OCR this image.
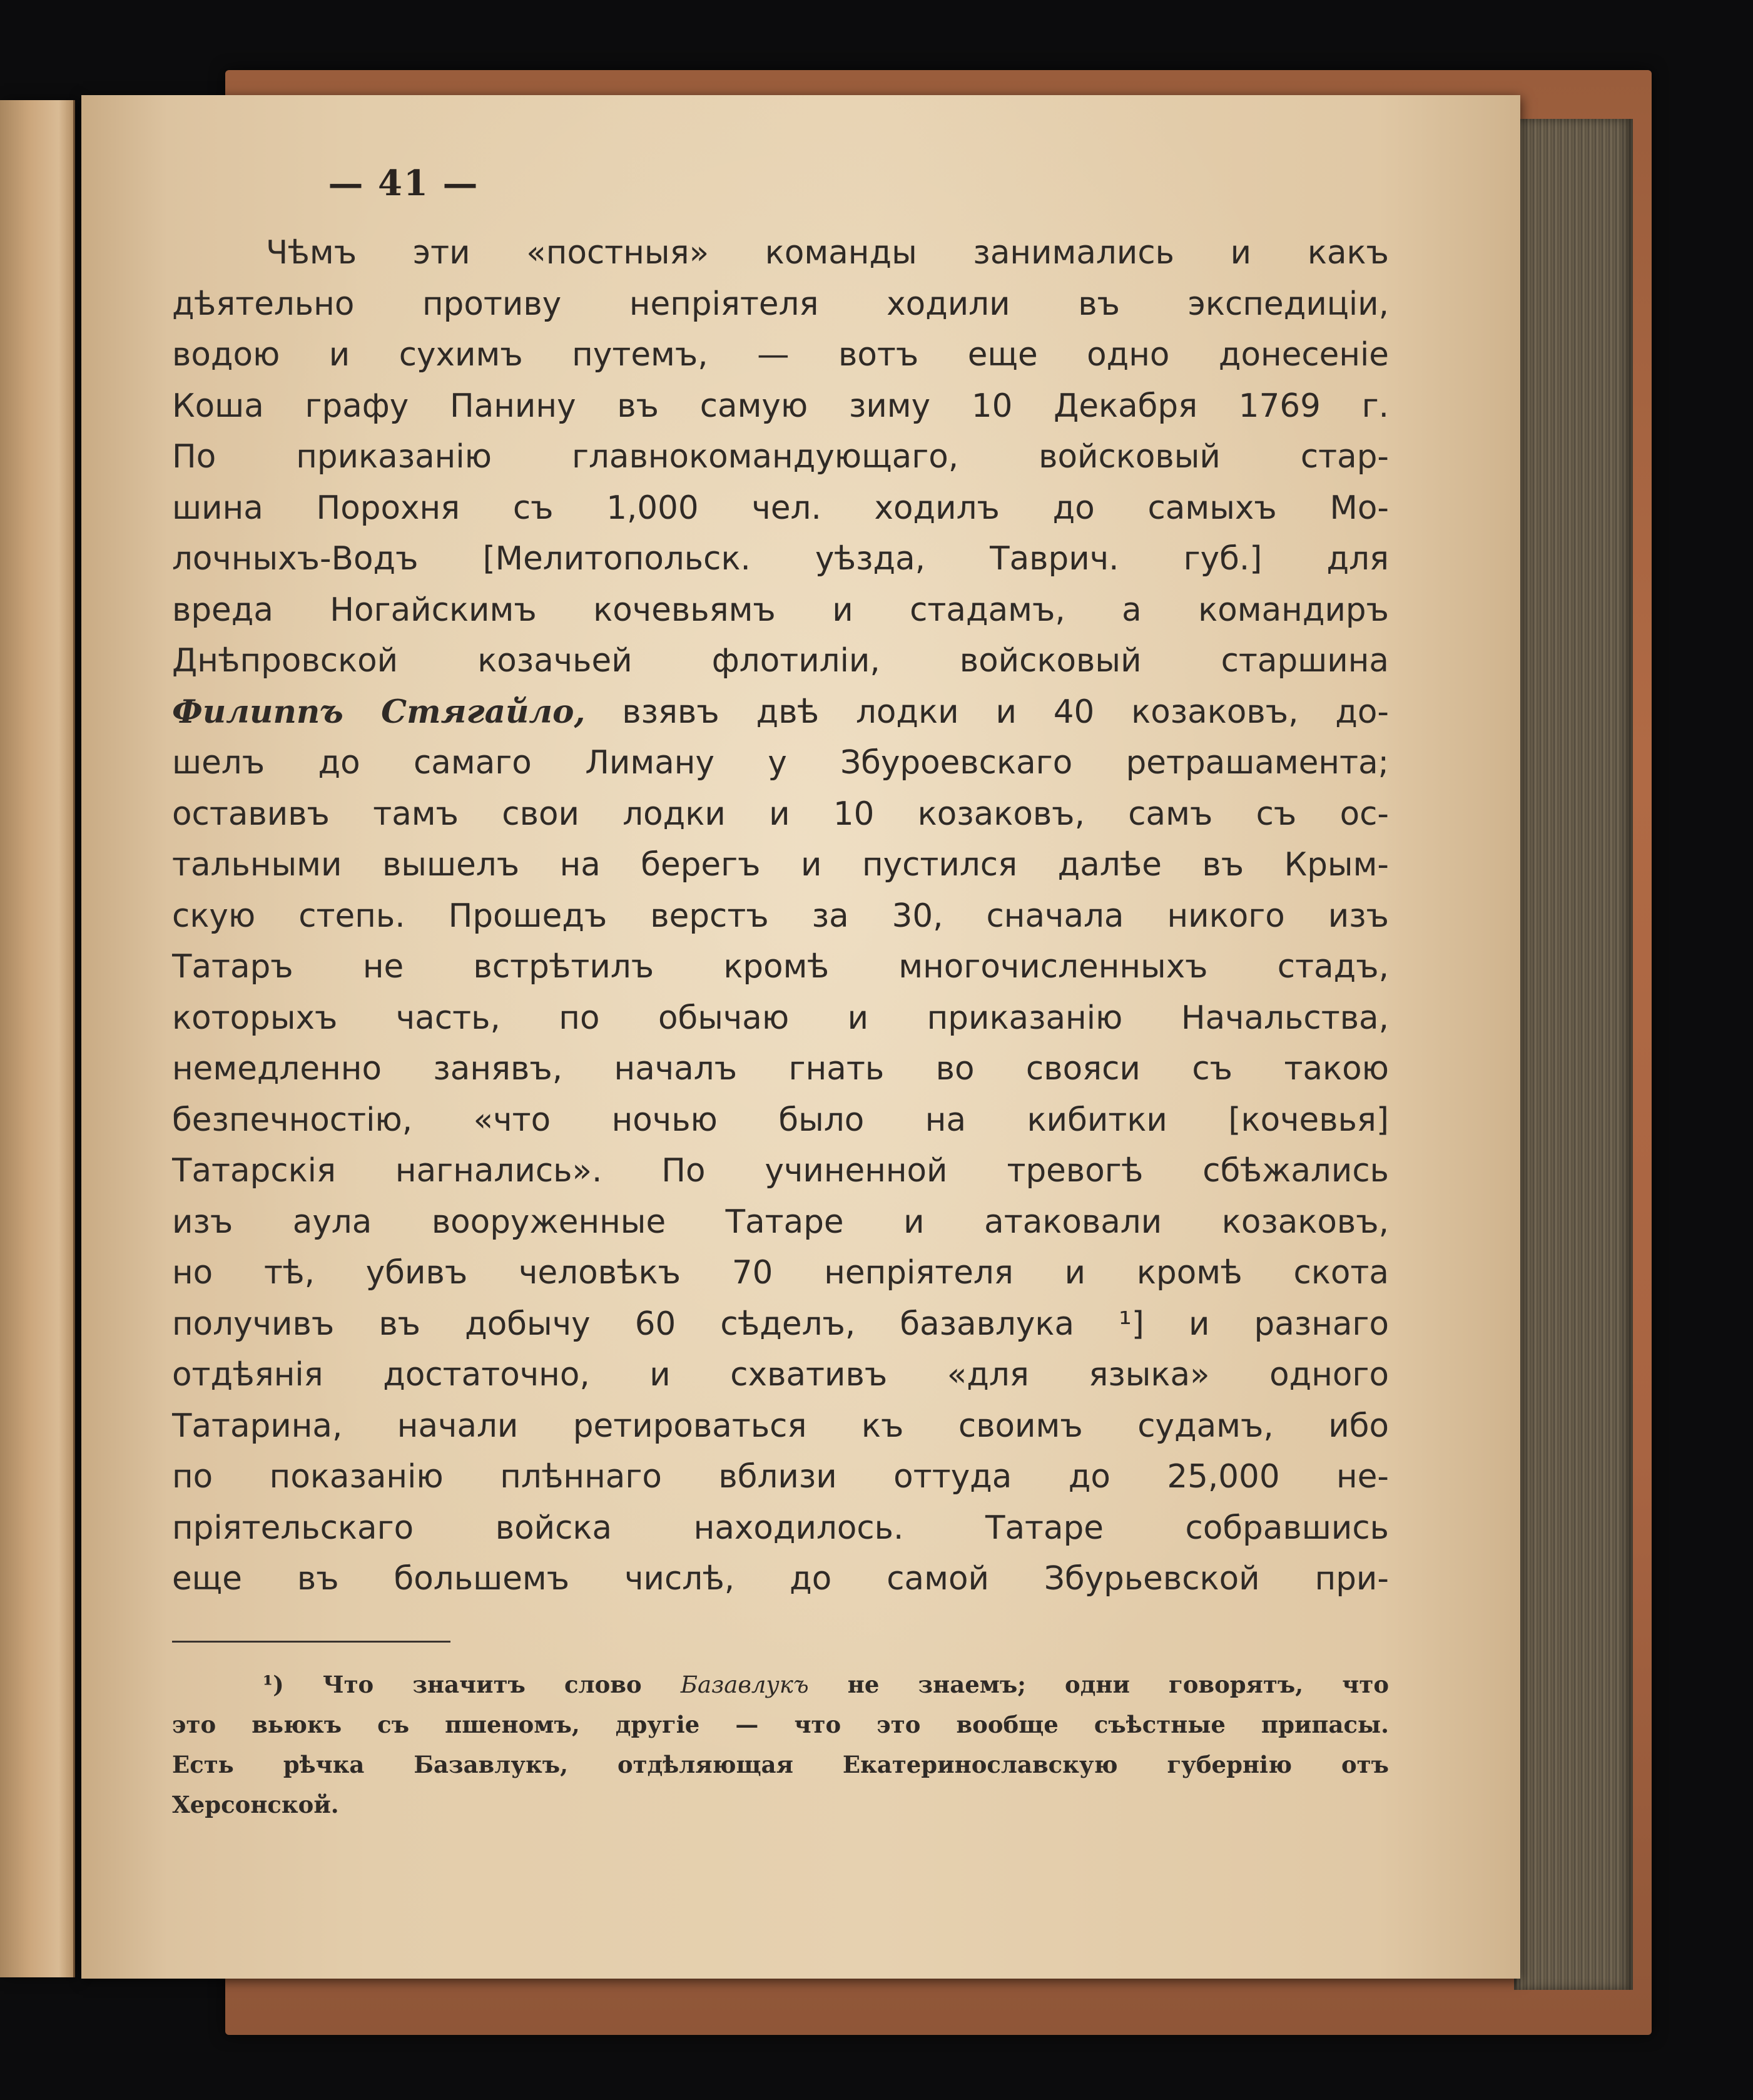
— 41 —
Чѣмъ эти «постныя» команды занимались и какъ
дѣятельно противу непріятеля ходили въ экспедиціи,
водою и сухимъ путемъ, — вотъ еще одно донесеніе
Коша графу Панину въ самую зиму 10 Декабря 1769 г.
По приказанію главнокомандующаго, войсковый стар-
шина Порохня съ 1,000 чел. ходилъ до самыхъ Мо-
лочныхъ-Водъ [Мелитопольск. уѣзда, Таврич. губ.] для
вреда Ногайскимъ кочевьямъ и стадамъ, а командиръ
Днѣпровской козачьей флотиліи, войсковый старшина
Филиппъ Стягайло, взявъ двѣ лодки и 40 козаковъ, до-
шелъ до самаго Лиману у Збуроевскаго ретрашамента;
оставивъ тамъ свои лодки и 10 козаковъ, самъ съ ос-
тальными вышелъ на берегъ и пустился далѣе въ Крым-
скую степь. Прошедъ верстъ за 30, сначала никого изъ
Татаръ не встрѣтилъ кромѣ многочисленныхъ стадъ,
которыхъ часть, по обычаю и приказанію Начальства,
немедленно занявъ, началъ гнать во свояси съ такою
безпечностію, «что ночью было на кибитки [кочевья]
Татарскія нагнались». По учиненной тревогѣ сбѣжались
изъ аула вооруженные Татаре и атаковали козаковъ,
но тѣ, убивъ человѣкъ 70 непріятеля и кромѣ скота
получивъ въ добычу 60 сѣделъ, базавлука ¹] и разнаго
отдѣянія достаточно, и схвативъ «для языка» одного
Татарина, начали ретироваться къ своимъ судамъ, ибо
по показанію плѣннаго вблизи оттуда до 25,000 не-
пріятельскаго войска находилось. Татаре собравшись
еще въ большемъ числѣ, до самой Збурьевской при-
¹) Что значитъ слово Базавлукъ не знаемъ; одни говорятъ, что
это вьюкъ съ пшеномъ, другіе — что это вообще съѣстные припасы.
Есть рѣчка Базавлукъ, отдѣляющая Екатеринославскую губернію отъ
Херсонской.
